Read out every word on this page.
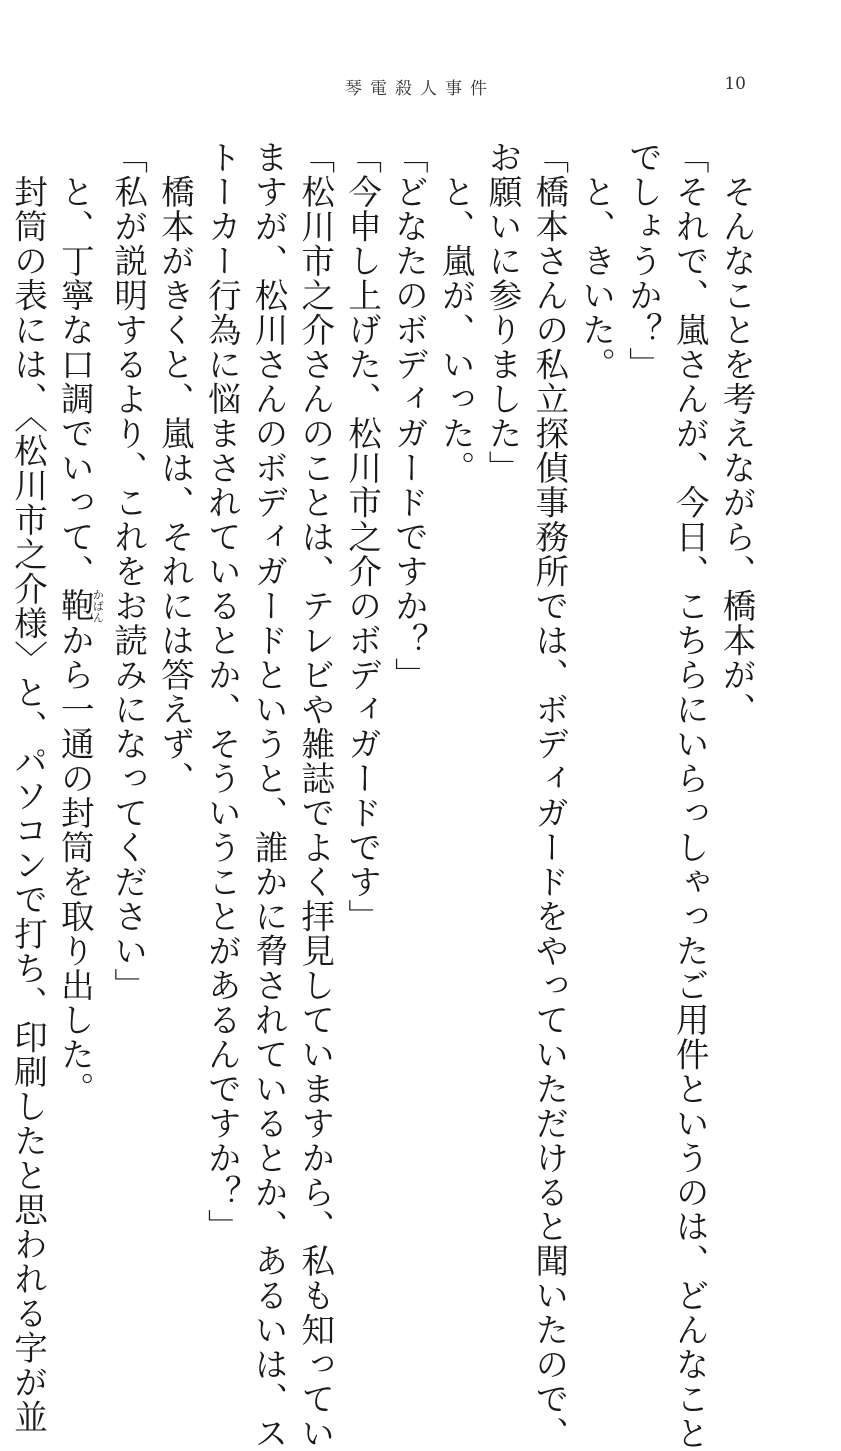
琴電殺人事件	10
　そんなことを考えながら、橋本が、
「それで、嵐さんが、今日、こちらにいらっしゃったご用件というのは、どんなこと
でしょうか？」
　と、きいた。
「橋本さんの私立探偵事務所では、ボディガードをやっていただけると聞いたので、
お願いに参りました」
　と、嵐が、いった。
「どなたのボディガードですか？」
「今申し上げた、松川市之介のボディガードです」
「松川市之介さんのことは、テレビや雑誌でよく拝見していますから、私も知ってい
ますが、松川さんのボディガードというと、誰かに脅されているとか、あるいは、ス
トーカー行為に悩まされているとか、そういうことがあるんですか？」
　橋本がきくと、嵐は、それには答えず、
「私が説明するより、これをお読みになってください」
　と、丁寧な口調でいって、鞄かばんから一通の封筒を取り出した。
　封筒の表には、〈松川市之介様〉と、パソコンで打ち、印刷したと思われる字が並
